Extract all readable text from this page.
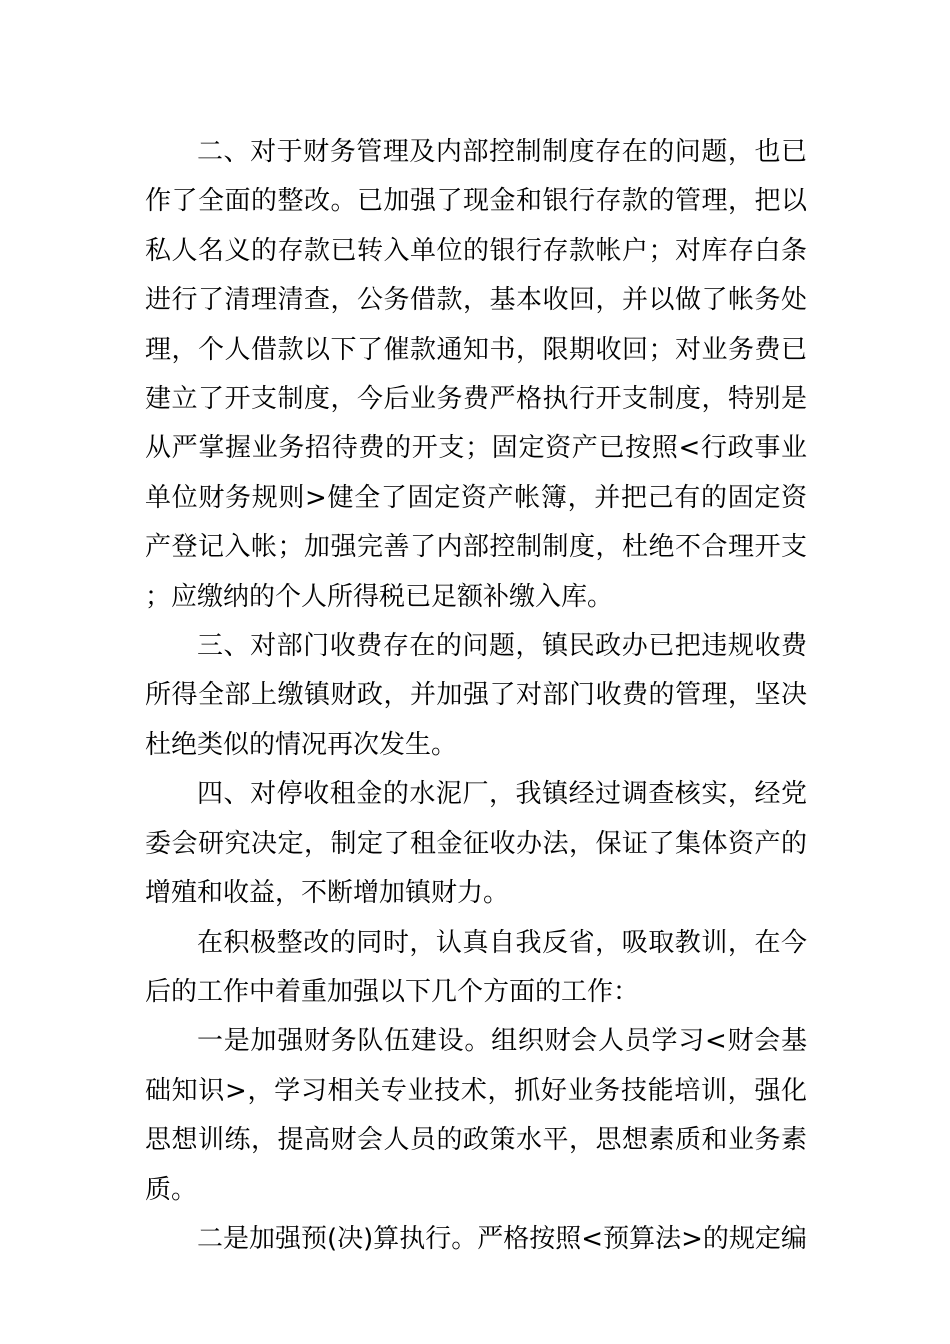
二、对于财务管理及内部控制制度存在的问题，也已作了全面的整改。已加强了现金和银行存款的管理，把以私人名义的存款已转入单位的银行存款帐户；对库存白条进行了清理清查，公务借款，基本收回，并以做了帐务处理，个人借款以下了催款通知书，限期收回；对业务费已建立了开支制度，今后业务费严格执行开支制度，特别是从严掌握业务招待费的开支；固定资产已按照<行政事业单位财务规则>健全了固定资产帐簿，并把己有的固定资产登记入帐；加强完善了内部控制制度，杜绝不合理开支；应缴纳的个人所得税已足额补缴入库。

三、对部门收费存在的问题，镇民政办已把违规收费所得全部上缴镇财政，并加强了对部门收费的管理，坚决杜绝类似的情况再次发生。

四、对停收租金的水泥厂，我镇经过调查核实，经党委会研究决定，制定了租金征收办法，保证了集体资产的增殖和收益，不断增加镇财力。

在积极整改的同时，认真自我反省，吸取教训，在今后的工作中着重加强以下几个方面的工作：

一是加强财务队伍建设。组织财会人员学习<财会基础知识>，学习相关专业技术，抓好业务技能培训，强化思想训练，提高财会人员的政策水平，思想素质和业务素质。

二是加强预(决)算执行。严格按照<预算法>的规定编
